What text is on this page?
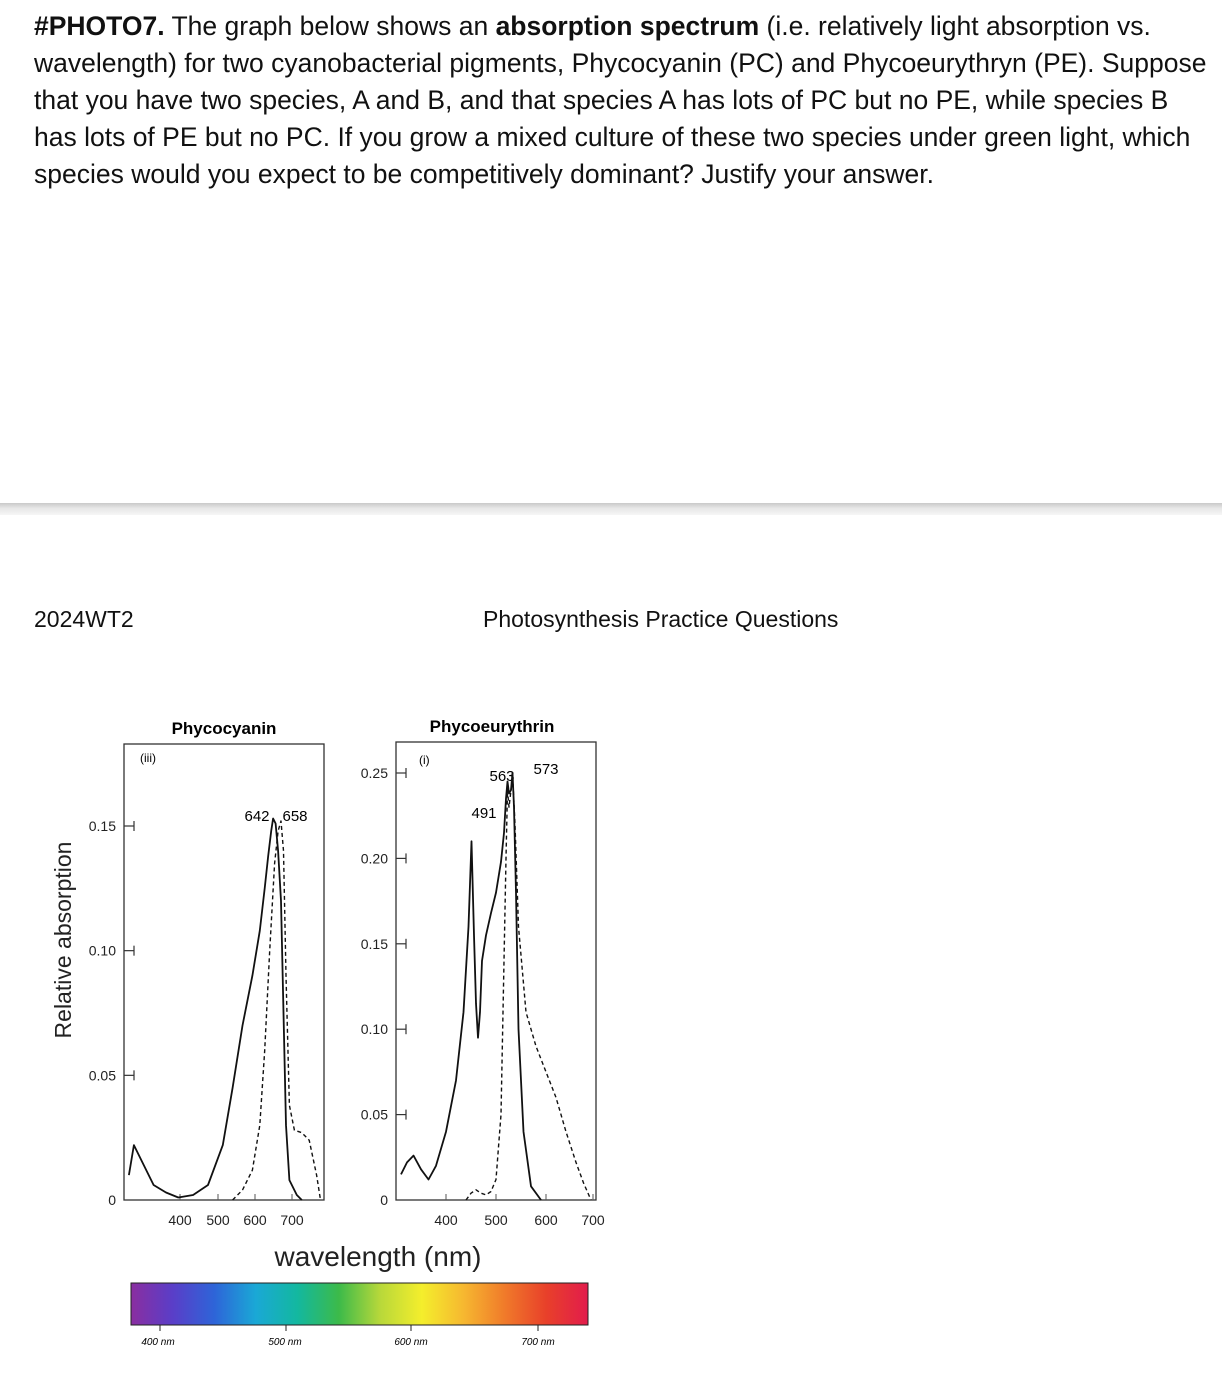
#PHOTO7. The graph below shows an absorption spectrum (i.e. relatively light absorption vs. wavelength) for two cyanobacterial pigments, Phycocyanin (PC) and Phycoeurythryn (PE). Suppose that you have two species, A and B, and that species A has lots of PC but no PE, while species B has lots of PE but no PC. If you grow a mixed culture of these two species under green light, which species would you expect to be competitively dominant? Justify your answer.

2024WT2	Photosynthesis Practice Questions
Phycocyanin
(iii)
0
0.05
0.10
0.15
400 500 600 700
642 658
Phycoeurythrin
(i)
0
0.05
0.10
0.15
0.20
0.25
400 500 600 700
491
563 573
Relative absorption
wavelength (nm)
400 nm	500 nm	600 nm	700 nm
